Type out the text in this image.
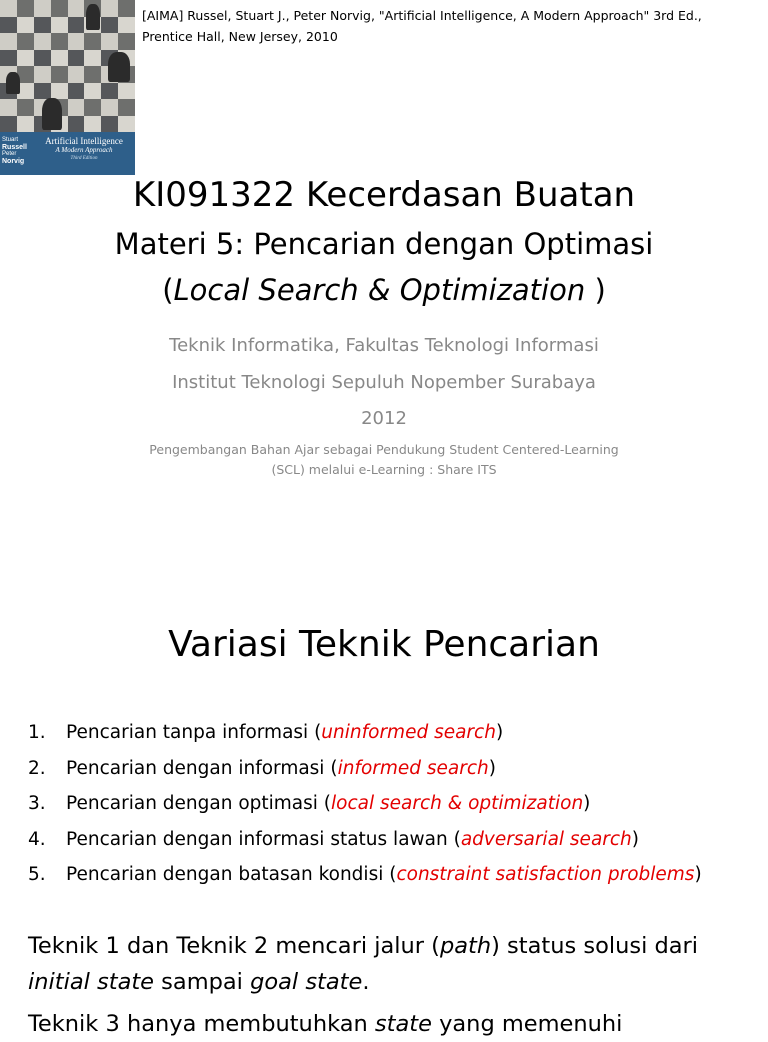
Stuart
Russell
Peter
Norvig
Artificial Intelligence
A Modern Approach
Third Edition
[AIMA] Russel, Stuart J., Peter Norvig, "Artificial Intelligence, A Modern Approach" 3rd Ed.,
Prentice Hall, New Jersey, 2010
KI091322 Kecerdasan Buatan
Materi 5: Pencarian dengan Optimasi
(Local Search & Optimization )
Teknik Informatika, Fakultas Teknologi Informasi
Institut Teknologi Sepuluh Nopember Surabaya
2012
Pengembangan Bahan Ajar sebagai Pendukung Student Centered-Learning
(SCL) melalui e-Learning : Share ITS
Variasi Teknik Pencarian
1. Pencarian tanpa informasi (uninformed search)
2. Pencarian dengan informasi (informed search)
3. Pencarian dengan optimasi (local search & optimization)
4. Pencarian dengan informasi status lawan (adversarial search)
5. Pencarian dengan batasan kondisi (constraint satisfaction problems)
Teknik 1 dan Teknik 2 mencari jalur (path) status solusi dari
initial state sampai goal state.
Teknik 3 hanya membutuhkan state yang memenuhi
